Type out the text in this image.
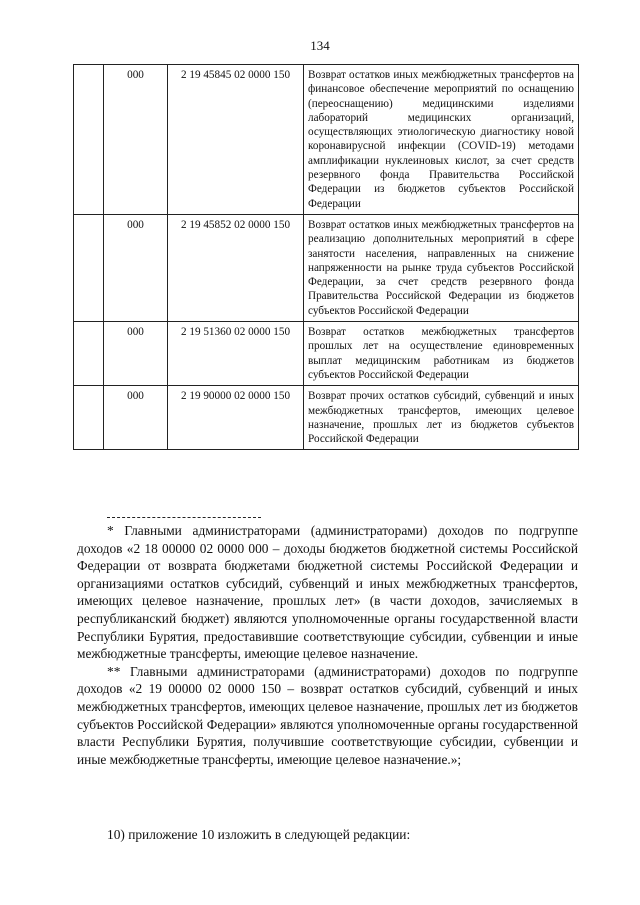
134
	000	2 19 45845 02 0000 150	Возврат остатков иных межбюджетных трансфертов на финансовое обеспечение мероприятий по оснащению (переоснащению) медицинскими изделиями лабораторий медицинских организаций, осуществляющих этиологическую диагностику новой коронавирусной инфекции (COVID-19) методами амплификации нуклеиновых кислот, за счет средств резервного фонда Правительства Российской Федерации из бюджетов субъектов Российской Федерации
	000	2 19 45852 02 0000 150	Возврат остатков иных межбюджетных трансфертов на реализацию дополнительных мероприятий в сфере занятости населения, направленных на снижение напряженности на рынке труда субъектов Российской Федерации, за счет средств резервного фонда Правительства Российской Федерации из бюджетов субъектов Российской Федерации
	000	2 19 51360 02 0000 150	Возврат остатков межбюджетных трансфертов прошлых лет на осуществление единовременных выплат медицинским работникам из бюджетов субъектов Российской Федерации
	000	2 19 90000 02 0000 150	Возврат прочих остатков субсидий, субвенций и иных межбюджетных трансфертов, имеющих целевое назначение, прошлых лет из бюджетов субъектов Российской Федерации

* Главными администраторами (администраторами) доходов по подгруппе доходов «2 18 00000 02 0000 000 – доходы бюджетов бюджетной системы Российской Федерации от возврата бюджетами бюджетной системы Российской Федерации и организациями остатков субсидий, субвенций и иных межбюджетных трансфертов, имеющих целевое назначение, прошлых лет» (в части доходов, зачисляемых в республиканский бюджет) являются уполномоченные органы государственной власти Республики Бурятия, предоставившие соответствующие субсидии, субвенции и иные межбюджетные трансферты, имеющие целевое назначение.

** Главными администраторами (администраторами) доходов по подгруппе доходов «2 19 00000 02 0000 150 – возврат остатков субсидий, субвенций и иных межбюджетных трансфертов, имеющих целевое назначение, прошлых лет из бюджетов субъектов Российской Федерации» являются уполномоченные органы государственной власти Республики Бурятия, получившие соответствующие субсидии, субвенции и иные межбюджетные трансферты, имеющие целевое назначение.»;

10) приложение 10 изложить в следующей редакции:
